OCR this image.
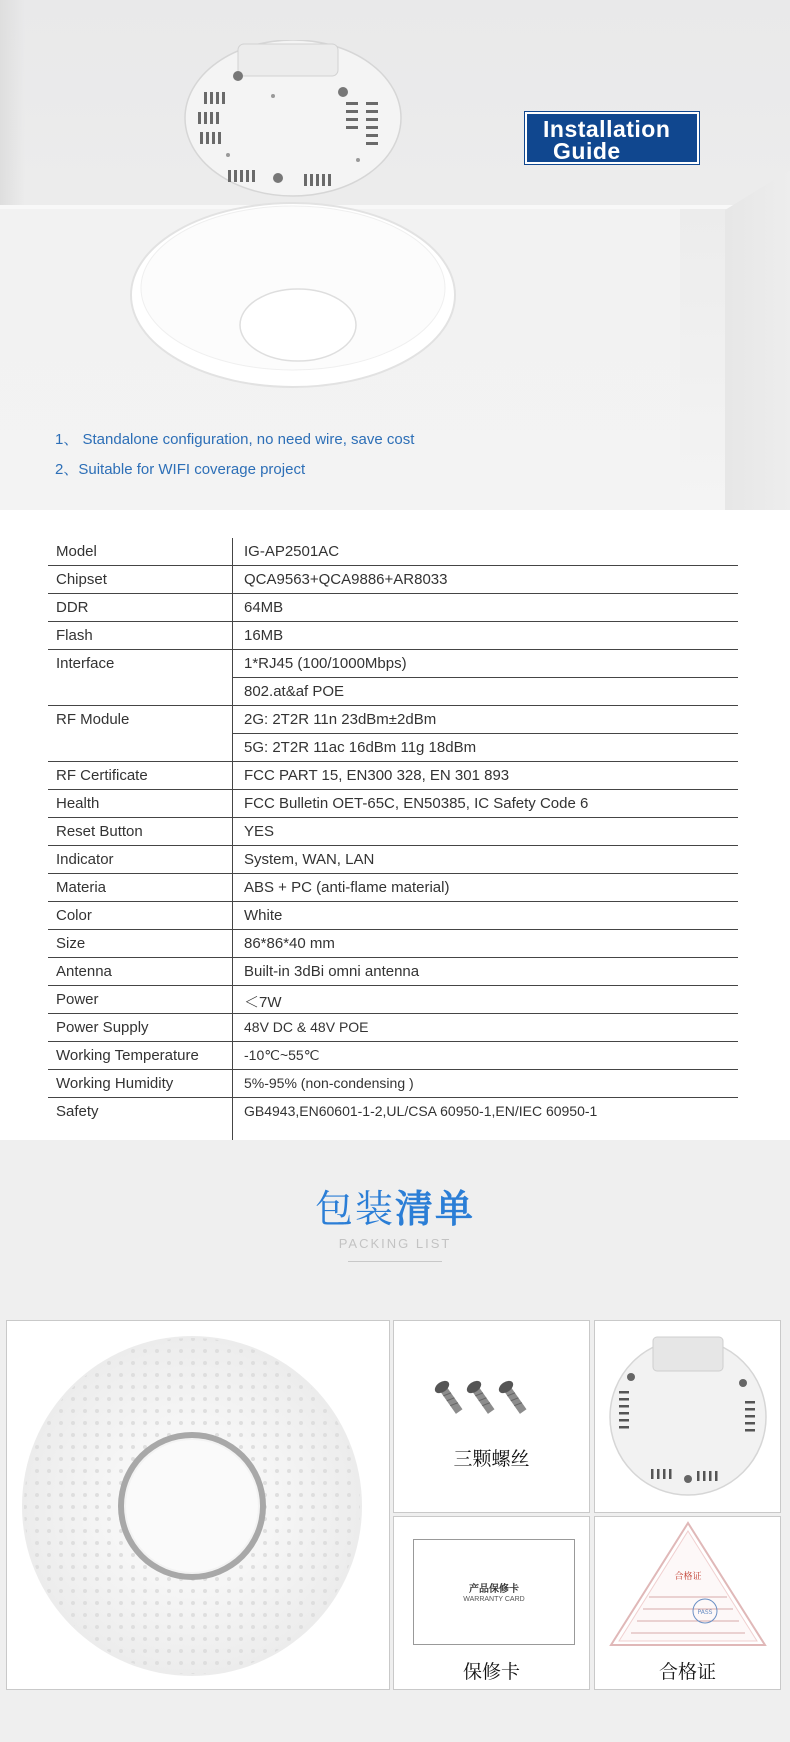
Installation
Guide
1、 Standalone configuration, no need wire, save cost
2、Suitable for WIFI coverage project
Model	IG-AP2501AC
Chipset	QCA9563+QCA9886+AR8033
DDR	64MB
Flash	16MB
Interface	1*RJ45 (100/1000Mbps)
802.at&af POE
RF Module	2G: 2T2R 11n 23dBm±2dBm
5G: 2T2R 11ac 16dBm 11g 18dBm
RF Certificate	FCC PART 15, EN300 328, EN 301 893
Health	FCC Bulletin OET-65C, EN50385, IC Safety Code 6
Reset Button	YES
Indicator	System, WAN, LAN
Materia	ABS + PC (anti-flame material)
Color	White
Size	86*86*40 mm
Antenna	Built-in 3dBi omni antenna
Power	＜7W
Power Supply	48V DC & 48V POE
Working Temperature	-10℃~55℃
Working Humidity	5%-95% (non-condensing )
Safety	GB4943,EN60601-1-2,UL/CSA 60950-1,EN/IEC 60950-1
包装清单
PACKING LIST
三颗螺丝
产品保修卡
WARRANTY CARD
保修卡
合格证
PASS
合格证
